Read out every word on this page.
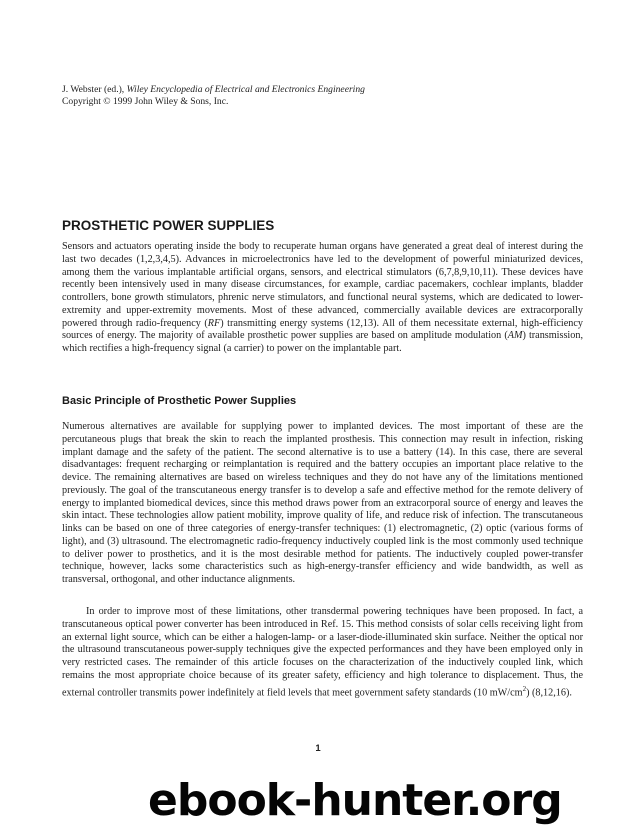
J. Webster (ed.), Wiley Encyclopedia of Electrical and Electronics Engineering
Copyright © 1999 John Wiley & Sons, Inc.
PROSTHETIC POWER SUPPLIES

Sensors and actuators operating inside the body to recuperate human organs have generated a great deal of interest during the last two decades (1,2,3,4,5). Advances in microelectronics have led to the development of powerful miniaturized devices, among them the various implantable artificial organs, sensors, and electrical stimulators (6,7,8,9,10,11). These devices have recently been intensively used in many disease circumstances, for example, cardiac pacemakers, cochlear implants, bladder controllers, bone growth stimulators, phrenic nerve stimulators, and functional neural systems, which are dedicated to lower-extremity and upper-extremity movements. Most of these advanced, commercially available devices are extracorporally powered through radio-frequency (RF) transmitting energy systems (12,13). All of them necessitate external, high-efficiency sources of energy. The majority of available prosthetic power supplies are based on amplitude modulation (AM) transmission, which rectifies a high-frequency signal (a carrier) to power on the implantable part.

Basic Principle of Prosthetic Power Supplies

Numerous alternatives are available for supplying power to implanted devices. The most important of these are the percutaneous plugs that break the skin to reach the implanted prosthesis. This connection may result in infection, risking implant damage and the safety of the patient. The second alternative is to use a battery (14). In this case, there are several disadvantages: frequent recharging or reimplantation is required and the battery occupies an important place relative to the device. The remaining alternatives are based on wireless techniques and they do not have any of the limitations mentioned previously. The goal of the transcutaneous energy transfer is to develop a safe and effective method for the remote delivery of energy to implanted biomedical devices, since this method draws power from an extracorporal source of energy and leaves the skin intact. These technologies allow patient mobility, improve quality of life, and reduce risk of infection. The transcutaneous links can be based on one of three categories of energy-transfer techniques: (1) electromagnetic, (2) optic (various forms of light), and (3) ultrasound. The electromagnetic radio-frequency inductively coupled link is the most commonly used technique to deliver power to prosthetics, and it is the most desirable method for patients. The inductively coupled power-transfer technique, however, lacks some characteristics such as high-energy-transfer efficiency and wide bandwidth, as well as transversal, orthogonal, and other inductance alignments.

In order to improve most of these limitations, other transdermal powering techniques have been proposed. In fact, a transcutaneous optical power converter has been introduced in Ref. 15. This method consists of solar cells receiving light from an external light source, which can be either a halogen-lamp- or a laser-diode-illuminated skin surface. Neither the optical nor the ultrasound transcutaneous power-supply techniques give the expected performances and they have been employed only in very restricted cases. The remainder of this article focuses on the characterization of the inductively coupled link, which remains the most appropriate choice because of its greater safety, efficiency and high tolerance to displacement. Thus, the external controller transmits power indefinitely at field levels that meet government safety standards (10 $mW/cm^2$) (8,12,16).

1
ebook-hunter.org
